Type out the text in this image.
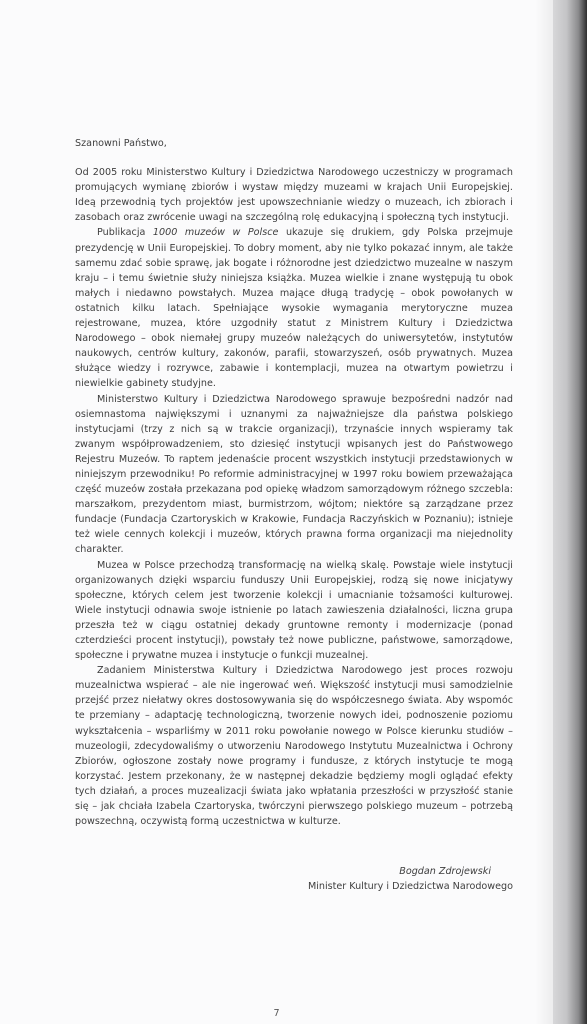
Szanowni Państwo,

Od 2005 roku Ministerstwo Kultury i Dziedzictwa Narodowego uczestniczy w programach promujących wymianę zbiorów i wystaw między muzeami w krajach Unii Europejskiej. Ideą przewodnią tych projektów jest upowszechnianie wiedzy o muzeach, ich zbiorach i zasobach oraz zwrócenie uwagi na szczególną rolę edukacyjną i społeczną tych instytucji.

Publikacja 1000 muzeów w Polsce ukazuje się drukiem, gdy Polska przejmuje prezydencję w Unii Europejskiej. To dobry moment, aby nie tylko pokazać innym, ale także samemu zdać sobie sprawę, jak bogate i różnorodne jest dziedzictwo muzealne w naszym kraju – i temu świetnie służy niniejsza książka. Muzea wielkie i znane występują tu obok małych i niedawno powstałych. Muzea mające długą tradycję – obok powołanych w ostatnich kilku latach. Spełniające wysokie wymagania merytoryczne muzea rejestrowane, muzea, które uzgodniły statut z Ministrem Kultury i Dziedzictwa Narodowego – obok niemałej grupy muzeów należących do uniwersytetów, instytutów naukowych, centrów kultury, zakonów, parafii, stowarzyszeń, osób prywatnych. Muzea służące wiedzy i rozrywce, zabawie i kontemplacji, muzea na otwartym powietrzu i niewielkie gabinety studyjne.

Ministerstwo Kultury i Dziedzictwa Narodowego sprawuje bezpośredni nadzór nad osiemnastoma największymi i uznanymi za najważniejsze dla państwa polskiego instytucjami (trzy z nich są w trakcie organizacji), trzynaście innych wspieramy tak zwanym współprowadzeniem, sto dziesięć instytucji wpisanych jest do Państwowego Rejestru Muzeów. To raptem jedenaście procent wszystkich instytucji przedstawionych w niniejszym przewodniku! Po reformie administracyjnej w 1997 roku bowiem przeważająca część muzeów została przekazana pod opiekę władzom samorządowym różnego szczebla: marszałkom, prezydentom miast, burmistrzom, wójtom; niektóre są zarządzane przez fundacje (Fundacja Czartoryskich w Krakowie, Fundacja Raczyńskich w Poznaniu); istnieje też wiele cennych kolekcji i muzeów, których prawna forma organizacji ma niejednolity charakter.

Muzea w Polsce przechodzą transformację na wielką skalę. Powstaje wiele instytucji organizowanych dzięki wsparciu funduszy Unii Europejskiej, rodzą się nowe inicjatywy społeczne, których celem jest tworzenie kolekcji i umacnianie tożsamości kulturowej. Wiele instytucji odnawia swoje istnienie po latach zawieszenia działalności, liczna grupa przeszła też w ciągu ostatniej dekady gruntowne remonty i modernizacje (ponad czterdzieści procent instytucji), powstały też nowe publiczne, państwowe, samorządowe, społeczne i prywatne muzea i instytucje o funkcji muzealnej.

Zadaniem Ministerstwa Kultury i Dziedzictwa Narodowego jest proces rozwoju muzealnictwa wspierać – ale nie ingerować weń. Większość instytucji musi samodzielnie przejść przez niełatwy okres dostosowywania się do współczesnego świata. Aby wspomóc te przemiany – adaptację technologiczną, tworzenie nowych idei, podnoszenie poziomu wykształcenia – wsparliśmy w 2011 roku powołanie nowego w Polsce kierunku studiów – muzeologii, zdecydowaliśmy o utworzeniu Narodowego Instytutu Muzealnictwa i Ochrony Zbiorów, ogłoszone zostały nowe programy i fundusze, z których instytucje te mogą korzystać. Jestem przekonany, że w następnej dekadzie będziemy mogli oglądać efekty tych działań, a proces muzealizacji świata jako wpłatania przeszłości w przyszłość stanie się – jak chciała Izabela Czartoryska, twórczyni pierwszego polskiego muzeum – potrzebą powszechną, oczywistą formą uczestnictwa w kulturze.

Bogdan Zdrojewski
Minister Kultury i Dziedzictwa Narodowego
7
